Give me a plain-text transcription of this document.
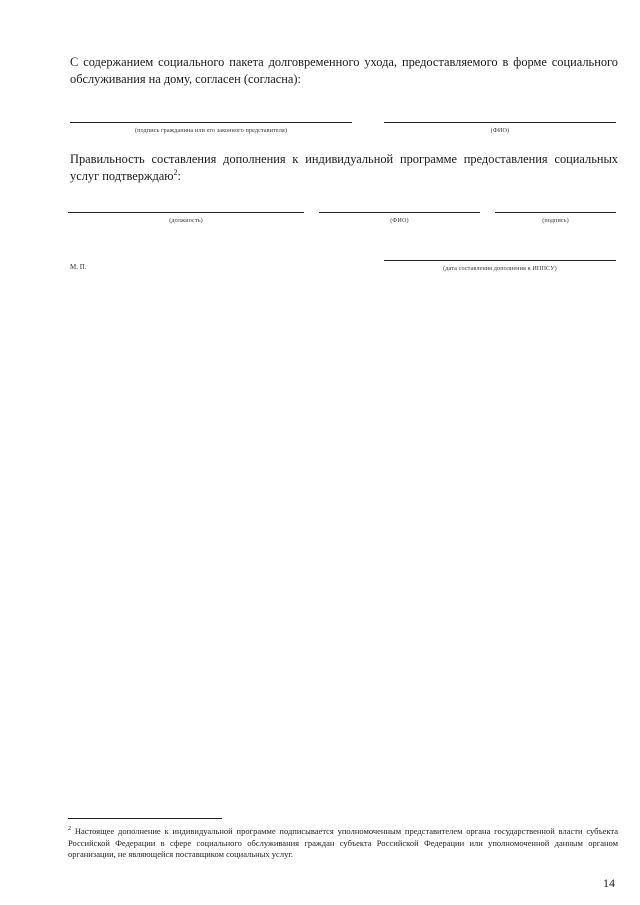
С содержанием социального пакета долговременного ухода, предоставляемого в форме социального обслуживания на дому, согласен (согласна):
(подпись гражданина или его законного представителя)	(ФИО)
Правильность составления дополнения к индивидуальной программе предоставления социальных услуг подтверждаю$^2$:
(должность)	(ФИО)	(подпись)
М. П.	(дата составления дополнения к ИППСУ)
$^2$ Настоящее дополнение к индивидуальной программе подписывается уполномоченным представителем органа государственной власти субъекта Российской Федерации в сфере социального обслуживания граждан субъекта Российской Федерации или уполномоченной данным органом организации, не являющейся поставщиком социальных услуг.
14
